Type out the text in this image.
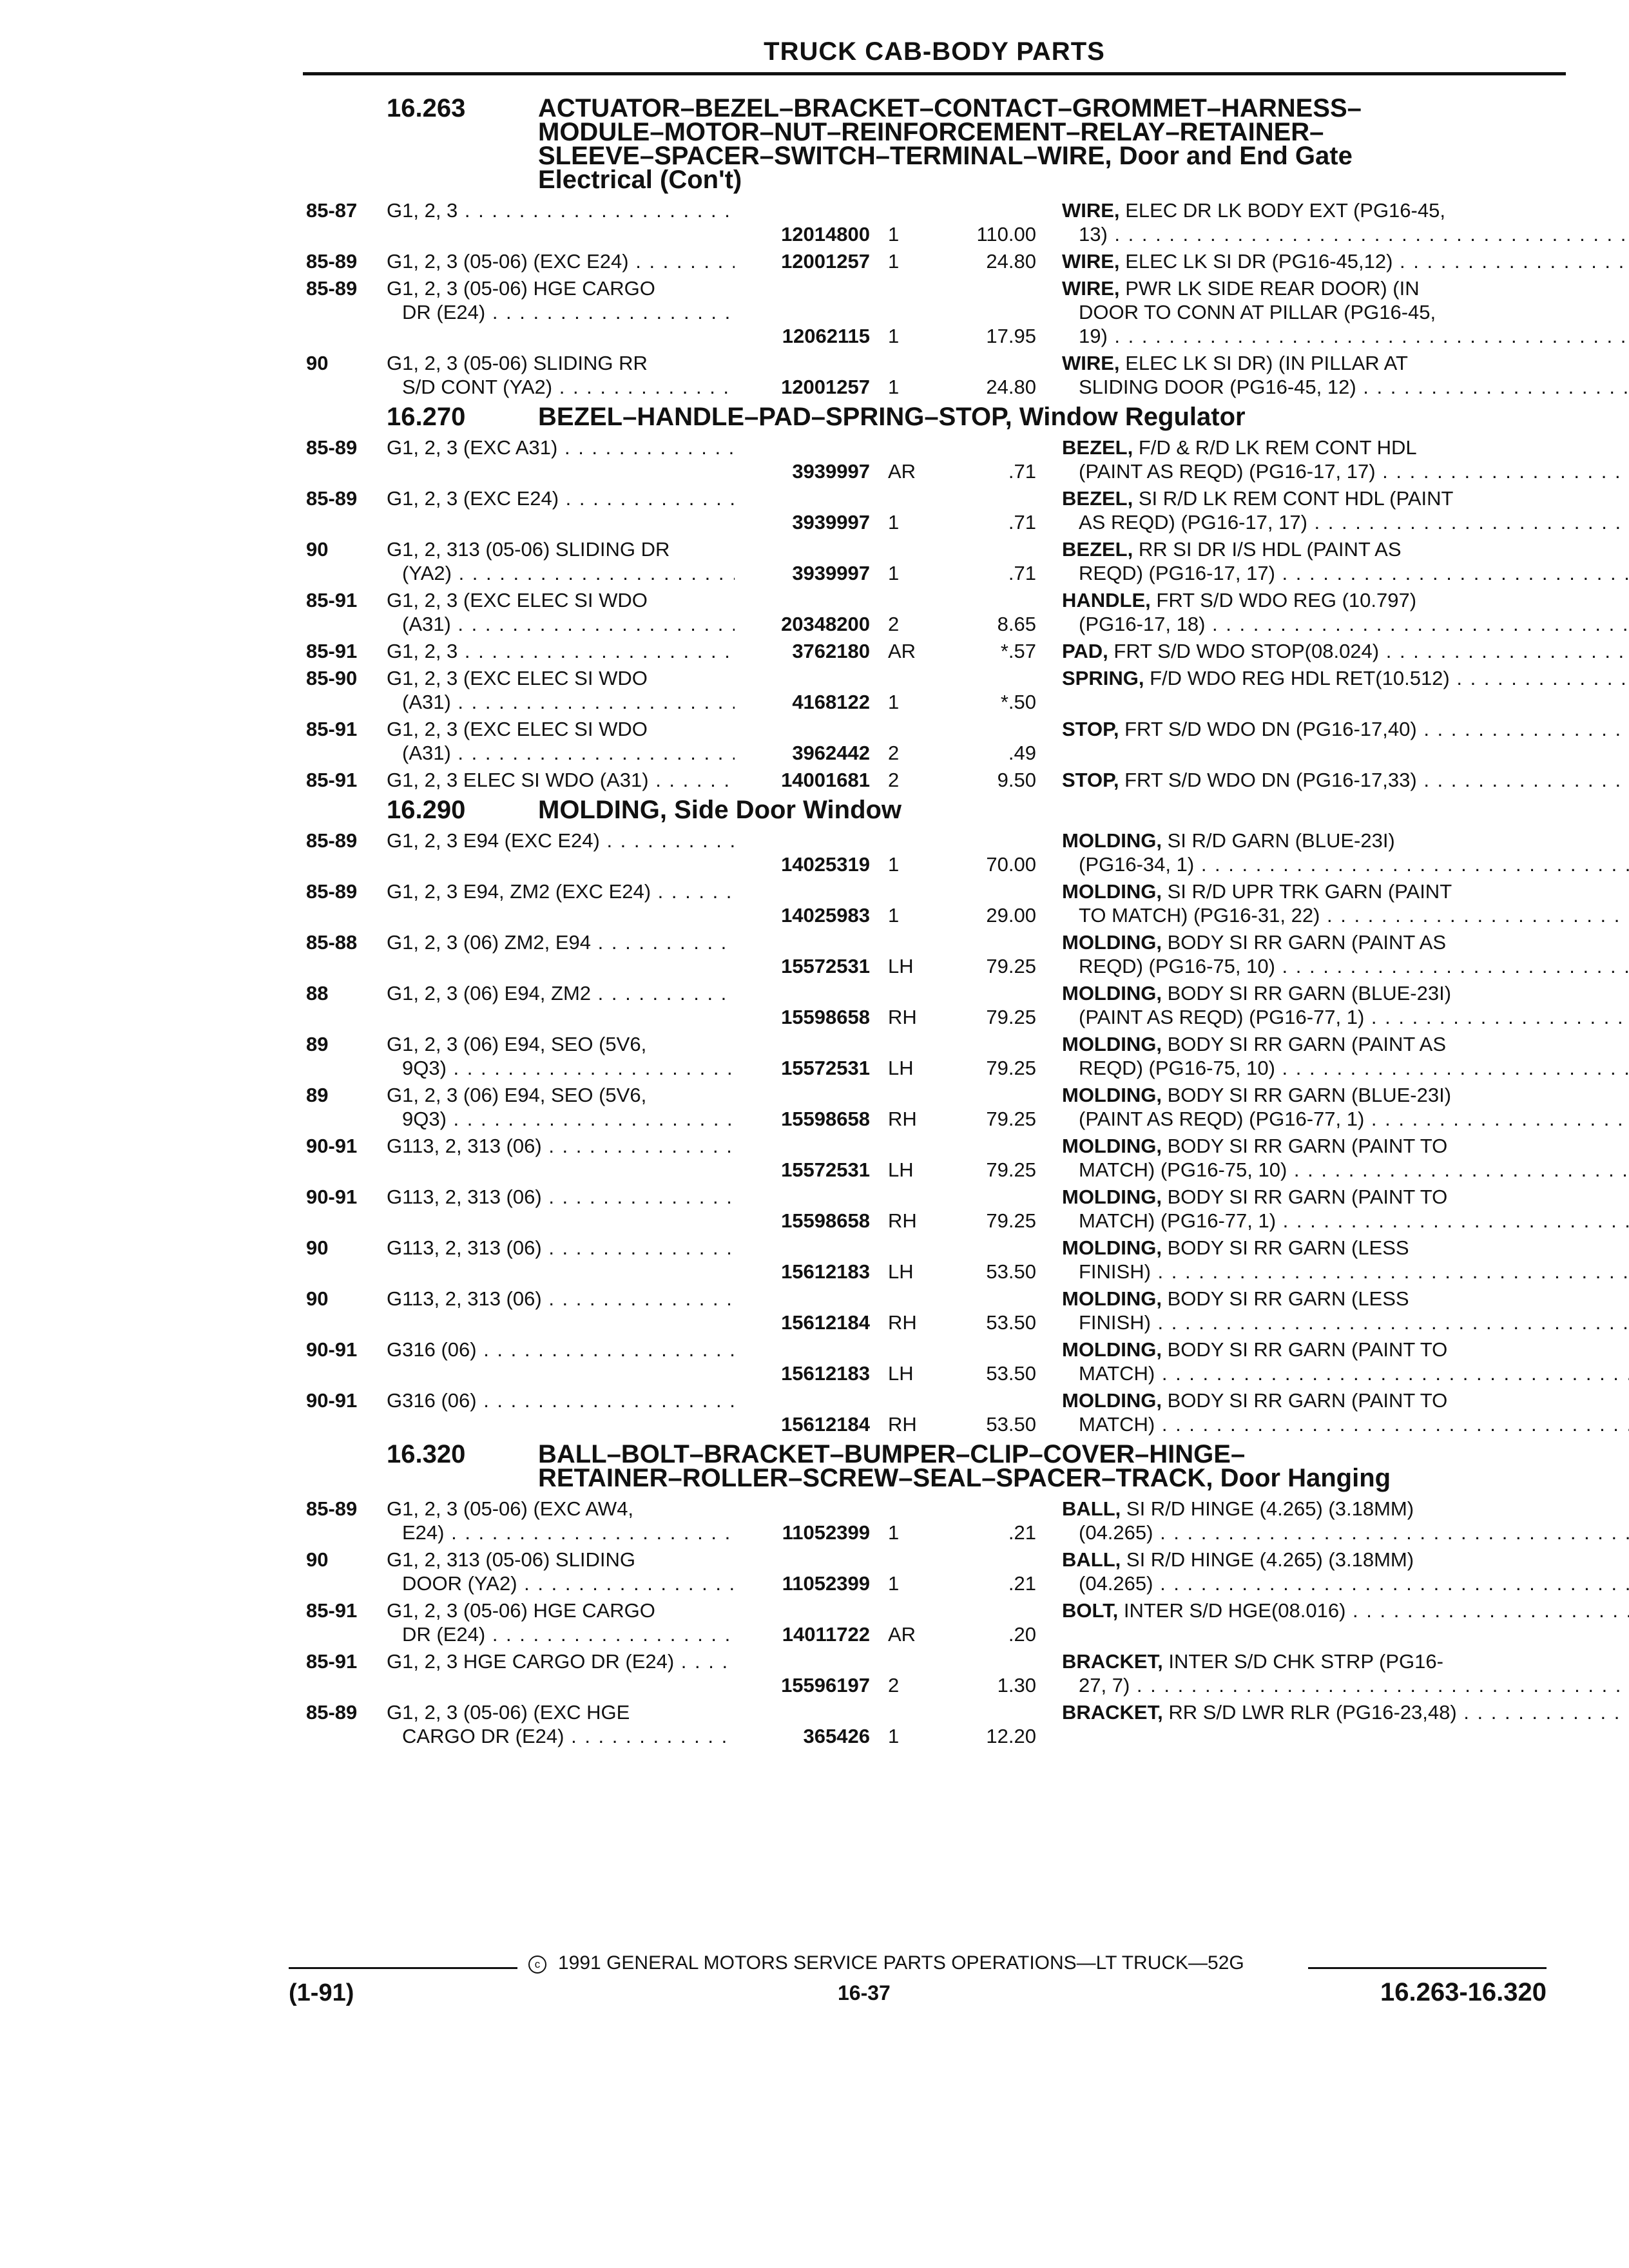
TRUCK CAB-BODY PARTS
16.263	ACTUATOR–BEZEL–BRACKET–CONTACT–GROMMET–HARNESS–
MODULE–MOTOR–NUT–REINFORCEMENT–RELAY–RETAINER–
SLEEVE–SPACER–SWITCH–TERMINAL–WIRE, Door and End Gate
Electrical (Con't)
85-87	G1, 2, 3 . . .
12014800 1	110.00
WIRE, ELEC DR LK BODY EXT (PG16-45,
13) . . .
85-89	G1, 2, 3 (05-06) (EXC E24) . . .	12001257 1	24.80 WIRE, ELEC LK SI DR (PG16-45,12) . . .
85-89	G1, 2, 3 (05-06) HGE CARGO
DR (E24) . . .
12062115 1	17.95
WIRE, PWR LK SIDE REAR DOOR) (IN
DOOR TO CONN AT PILLAR (PG16-45,
19) . . .
90	G1, 2, 3 (05-06) SLIDING RR
S/D CONT (YA2) . . .	12001257 1	24.80
WIRE, ELEC LK SI DR) (IN PILLAR AT
SLIDING DOOR (PG16-45, 12) . . .
16.270	BEZEL–HANDLE–PAD–SPRING–STOP, Window Regulator
85-89	G1, 2, 3 (EXC A31) . . .
3939997 AR	.71
BEZEL, F/D & R/D LK REM CONT HDL
(PAINT AS REQD) (PG16-17, 17) . . .
85-89	G1, 2, 3 (EXC E24) . . .
3939997 1	.71
BEZEL, SI R/D LK REM CONT HDL (PAINT
AS REQD) (PG16-17, 17) . . .
90	G1, 2, 313 (05-06) SLIDING DR
(YA2) . . .	3939997 1	.71
BEZEL, RR SI DR I/S HDL (PAINT AS
REQD) (PG16-17, 17) . . .
85-91	G1, 2, 3 (EXC ELEC SI WDO
(A31) . . .	20348200 2	8.65
HANDLE, FRT S/D WDO REG (10.797)
(PG16-17, 18) . . .
85-91	G1, 2, 3 . . .	3762180 AR	*.57 PAD, FRT S/D WDO STOP(08.024) . . .
85-90	G1, 2, 3 (EXC ELEC SI WDO
(A31) . . .	4168122 1	*.50
SPRING, F/D WDO REG HDL RET(10.512) . . .
85-91	G1, 2, 3 (EXC ELEC SI WDO
(A31) . . .	3962442 2	.49
STOP, FRT S/D WDO DN (PG16-17,40) . . .
85-91	G1, 2, 3 ELEC SI WDO (A31) . . .	14001681 2	9.50 STOP, FRT S/D WDO DN (PG16-17,33) . . .
16.290	MOLDING, Side Door Window
85-89	G1, 2, 3 E94 (EXC E24) . . .
14025319 1	70.00
MOLDING, SI R/D GARN (BLUE-23I)
(PG16-34, 1) . . .
85-89	G1, 2, 3 E94, ZM2 (EXC E24) . . .
14025983 1	29.00
MOLDING, SI R/D UPR TRK GARN (PAINT
TO MATCH) (PG16-31, 22) . . .
85-88	G1, 2, 3 (06) ZM2, E94 . . .
15572531 LH	79.25
MOLDING, BODY SI RR GARN (PAINT AS
REQD) (PG16-75, 10) . . .
88	G1, 2, 3 (06) E94, ZM2 . . .
15598658 RH	79.25
MOLDING, BODY SI RR GARN (BLUE-23I)
(PAINT AS REQD) (PG16-77, 1) . . .
89	G1, 2, 3 (06) E94, SEO (5V6,
9Q3) . . .	15572531 LH	79.25
MOLDING, BODY SI RR GARN (PAINT AS
REQD) (PG16-75, 10) . . .
89	G1, 2, 3 (06) E94, SEO (5V6,
9Q3) . . .	15598658 RH	79.25
MOLDING, BODY SI RR GARN (BLUE-23I)
(PAINT AS REQD) (PG16-77, 1) . . .
90-91	G113, 2, 313 (06) . . .
15572531 LH	79.25
MOLDING, BODY SI RR GARN (PAINT TO
MATCH) (PG16-75, 10) . . .
90-91	G113, 2, 313 (06) . . .
15598658 RH	79.25
MOLDING, BODY SI RR GARN (PAINT TO
MATCH) (PG16-77, 1) . . .
90	G113, 2, 313 (06) . . .
15612183 LH	53.50
MOLDING, BODY SI RR GARN (LESS
FINISH) . . .
90	G113, 2, 313 (06) . . .
15612184 RH	53.50
MOLDING, BODY SI RR GARN (LESS
FINISH) . . .
90-91	G316 (06) . . .
15612183 LH	53.50
MOLDING, BODY SI RR GARN (PAINT TO
MATCH) . . .
90-91	G316 (06) . . .
15612184 RH	53.50
MOLDING, BODY SI RR GARN (PAINT TO
MATCH) . . .
16.320	BALL–BOLT–BRACKET–BUMPER–CLIP–COVER–HINGE–
RETAINER–ROLLER–SCREW–SEAL–SPACER–TRACK, Door Hanging
85-89	G1, 2, 3 (05-06) (EXC AW4,
E24) . . .	11052399 1	.21
BALL, SI R/D HINGE (4.265) (3.18MM)
(04.265) . . .
90	G1, 2, 313 (05-06) SLIDING
DOOR (YA2) . . .	11052399 1	.21
BALL, SI R/D HINGE (4.265) (3.18MM)
(04.265) . . .
85-91	G1, 2, 3 (05-06) HGE CARGO
DR (E24) . . .	14011722 AR	.20
BOLT, INTER S/D HGE(08.016) . . .
85-91	G1, 2, 3 HGE CARGO DR (E24) . . .
15596197 2	1.30
BRACKET, INTER S/D CHK STRP (PG16-
27, 7) . . .
85-89	G1, 2, 3 (05-06) (EXC HGE
CARGO DR (E24) . . .	365426 1	12.20
BRACKET, RR S/D LWR RLR (PG16-23,48) . . .
c 1991 GENERAL MOTORS SERVICE PARTS OPERATIONS—LT TRUCK—52G
(1-91)	16-37	16.263-16.320
